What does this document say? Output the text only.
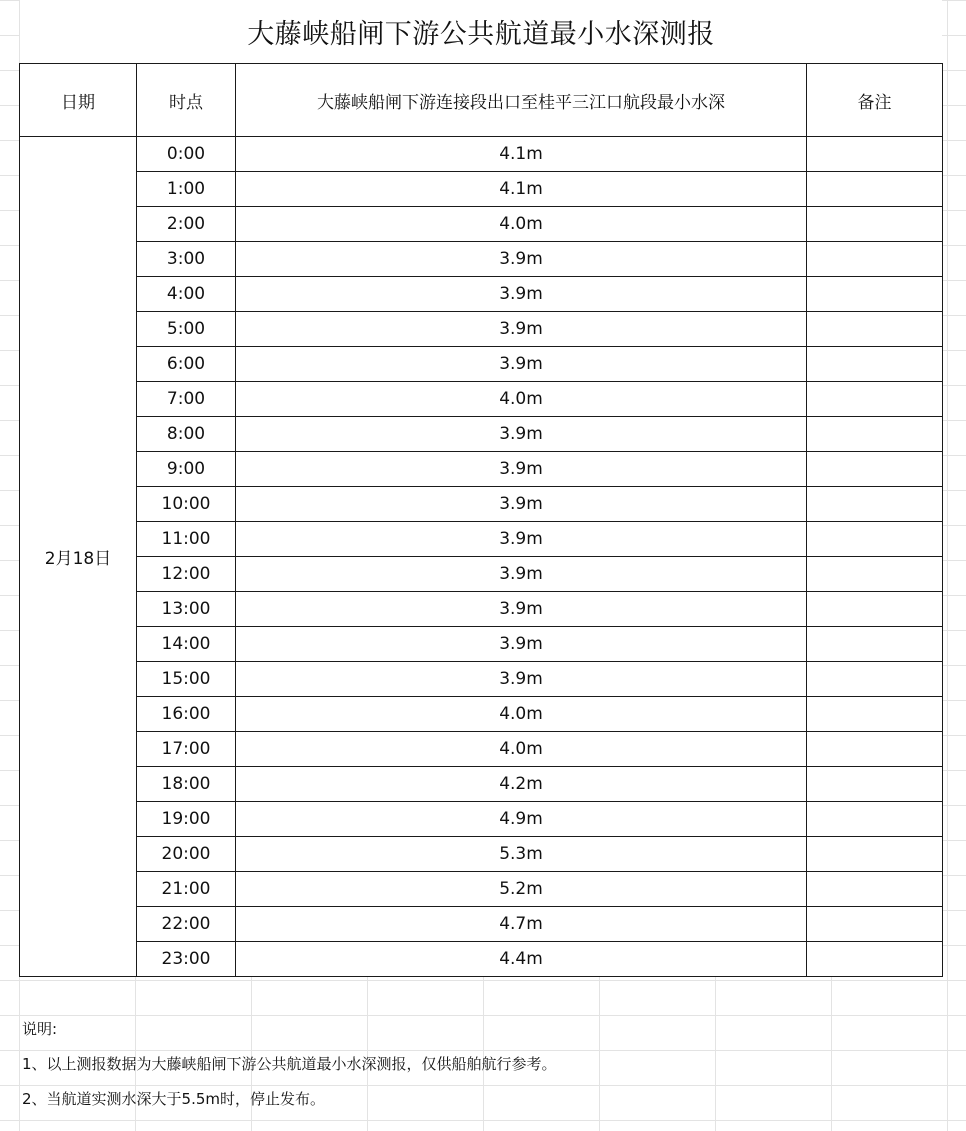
大藤峡船闸下游公共航道最小水深测报
日期	时点	大藤峡船闸下游连接段出口至桂平三江口航段最小水深	备注
2月18日	0:00	4.1m	
	1:00	4.1m	
	2:00	4.0m	
	3:00	3.9m	
	4:00	3.9m	
	5:00	3.9m	
	6:00	3.9m	
	7:00	4.0m	
	8:00	3.9m	
	9:00	3.9m	
	10:00	3.9m	
	11:00	3.9m	
	12:00	3.9m	
	13:00	3.9m	
	14:00	3.9m	
	15:00	3.9m	
	16:00	4.0m	
	17:00	4.0m	
	18:00	4.2m	
	19:00	4.9m	
	20:00	5.3m	
	21:00	5.2m	
	22:00	4.7m	
	23:00	4.4m	
说明:
1、以上测报数据为大藤峡船闸下游公共航道最小水深测报，仅供船舶航行参考。
2、当航道实测水深大于5.5m时，停止发布。
